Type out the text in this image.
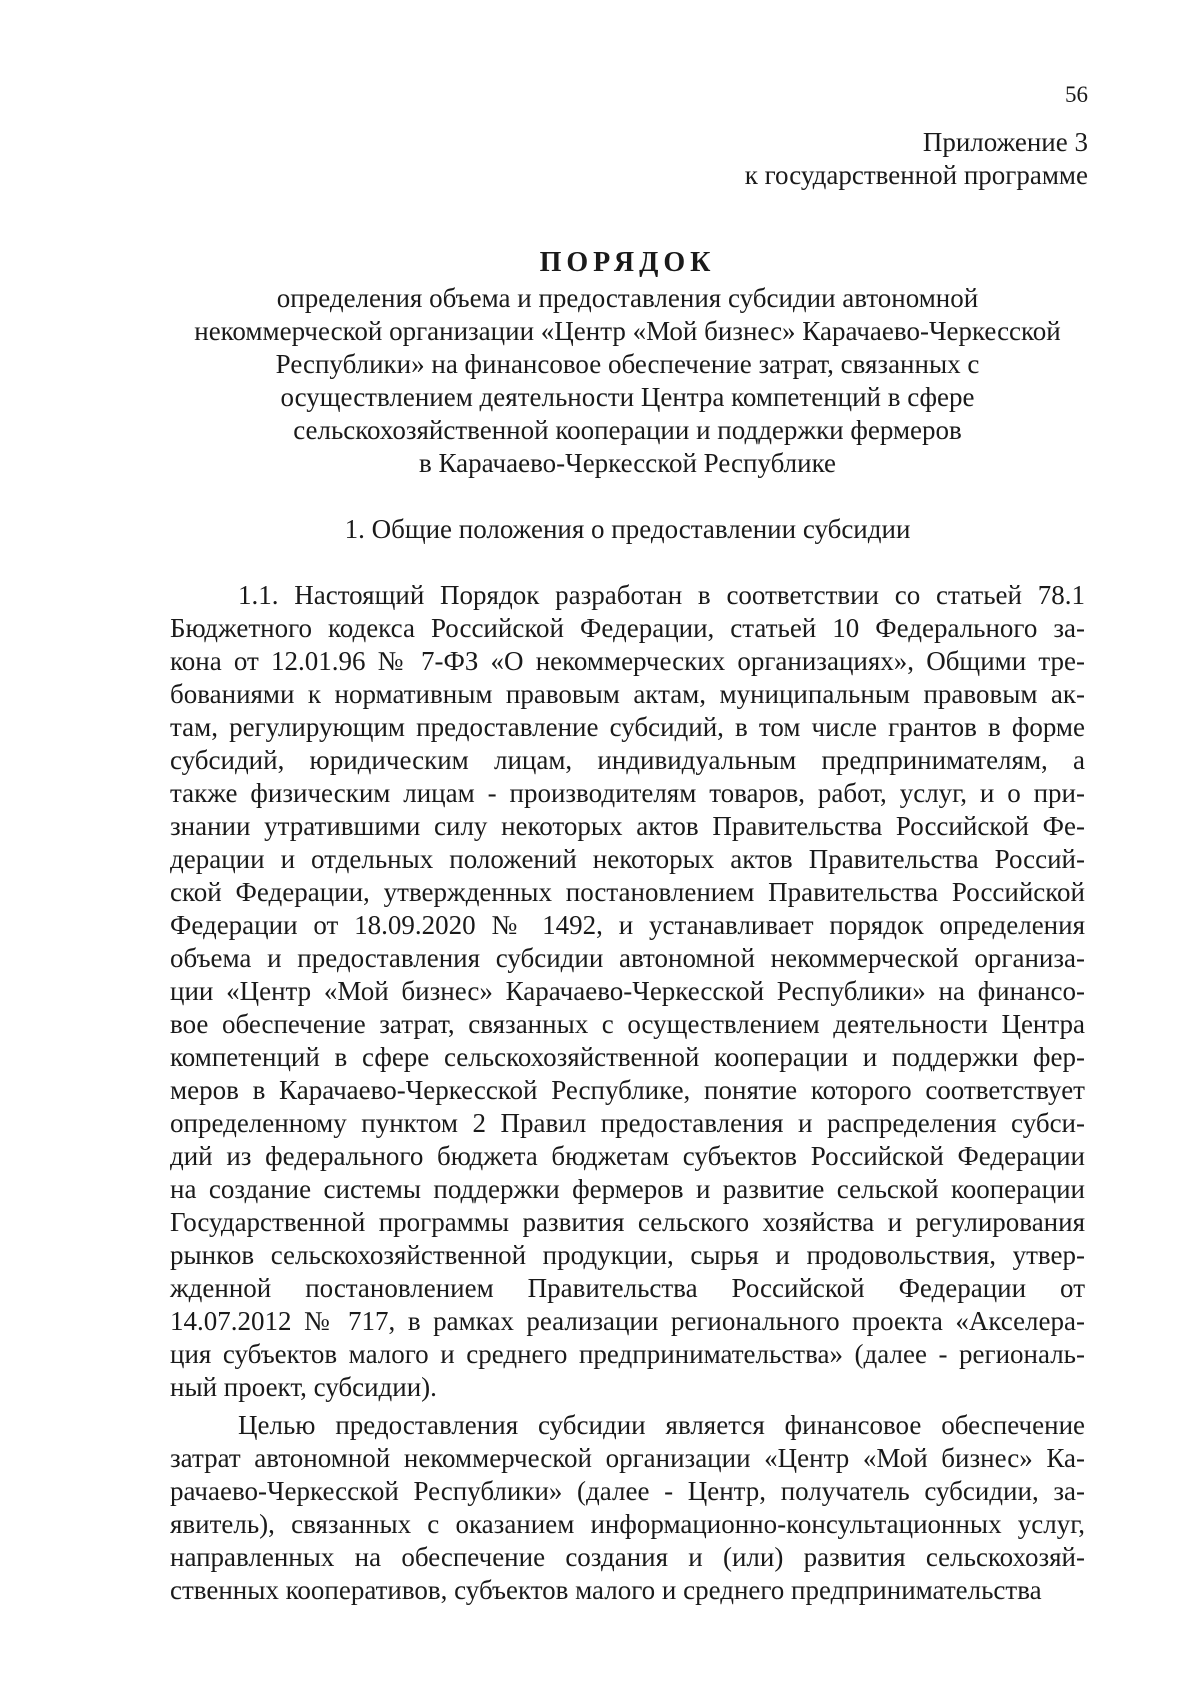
56
Приложение 3
к государственной программе
ПОРЯДОК
определения объема и предоставления субсидии автономной
некоммерческой организации «Центр «Мой бизнес» Карачаево-Черкесской
Республики» на финансовое обеспечение затрат, связанных с
осуществлением деятельности Центра компетенций в сфере
сельскохозяйственной кооперации и поддержки фермеров
в Карачаево-Черкесской Республике
1. Общие положения о предоставлении субсидии
1.1. Настоящий Порядок разработан в соответствии со статьей 78.1
Бюджетного кодекса Российской Федерации, статьей 10 Федерального за-
кона от 12.01.96 № 7-ФЗ «О некоммерческих организациях», Общими тре-
бованиями к нормативным правовым актам, муниципальным правовым ак-
там, регулирующим предоставление субсидий, в том числе грантов в форме
субсидий, юридическим лицам, индивидуальным предпринимателям, а
также физическим лицам - производителям товаров, работ, услуг, и о при-
знании утратившими силу некоторых актов Правительства Российской Фе-
дерации и отдельных положений некоторых актов Правительства Россий-
ской Федерации, утвержденных постановлением Правительства Российской
Федерации от 18.09.2020 № 1492, и устанавливает порядок определения
объема и предоставления субсидии автономной некоммерческой организа-
ции «Центр «Мой бизнес» Карачаево-Черкесской Республики» на финансо-
вое обеспечение затрат, связанных с осуществлением деятельности Центра
компетенций в сфере сельскохозяйственной кооперации и поддержки фер-
меров в Карачаево-Черкесской Республике, понятие которого соответствует
определенному пунктом 2 Правил предоставления и распределения субси-
дий из федерального бюджета бюджетам субъектов Российской Федерации
на создание системы поддержки фермеров и развитие сельской кооперации
Государственной программы развития сельского хозяйства и регулирования
рынков сельскохозяйственной продукции, сырья и продовольствия, утвер-
жденной постановлением Правительства Российской Федерации от
14.07.2012 № 717, в рамках реализации регионального проекта «Акселера-
ция субъектов малого и среднего предпринимательства» (далее - региональ-
ный проект, субсидии).
Целью предоставления субсидии является финансовое обеспечение
затрат автономной некоммерческой организации «Центр «Мой бизнес» Ка-
рачаево-Черкесской Республики» (далее - Центр, получатель субсидии, за-
явитель), связанных с оказанием информационно-консультационных услуг,
направленных на обеспечение создания и (или) развития сельскохозяй-
ственных кооперативов, субъектов малого и среднего предпринимательства
